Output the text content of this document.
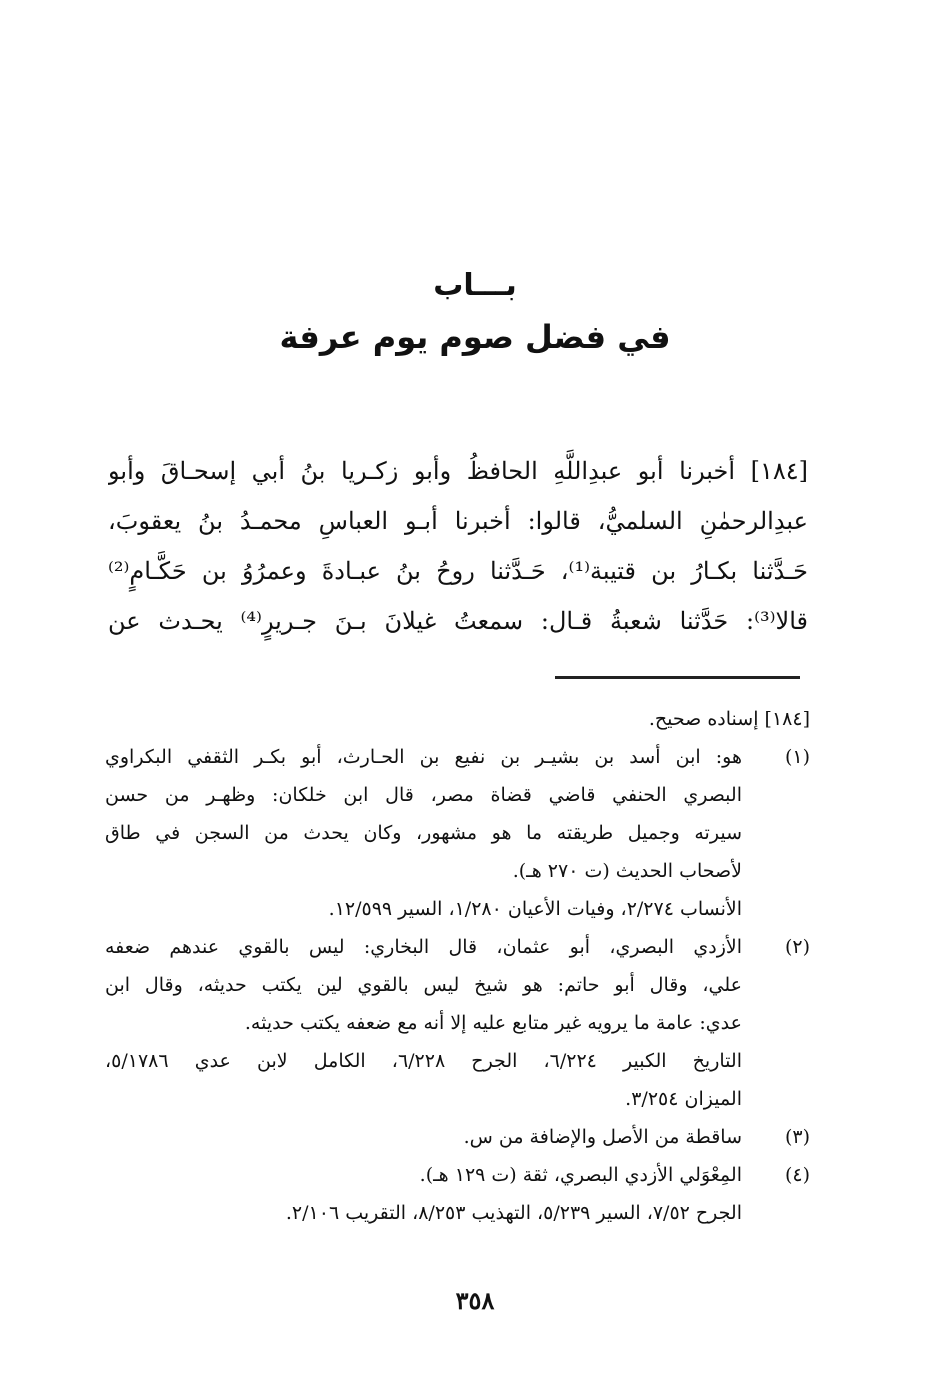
بـــاب
في فضل صوم يوم عرفة
[١٨٤] أخبرنا أبو عبدِاللَّهِ الحافظُ وأبو زكـريا بنُ أبي إسحـاقَ وأبو
عبدِالرحمٰنِ السلميُّ، قالوا: أخبرنا أبـو العباسِ محمـدُ بنُ يعقوبَ،
حَـدَّثنا بكـارُ بن قتيبة⁽¹⁾، حَـدَّثنا روحُ بنُ عبـادةَ وعمرُوُ بن حَكَّـامٍ⁽²⁾
قالا⁽³⁾: حَدَّثنا شعبةُ قـال: سمعتُ غيلانَ بـنَ جـريرٍ⁽⁴⁾ يحـدث عن
[١٨٤] إسناده صحيح.
(١)
هو: ابن أسد بن بشيـر بن نفيع بن الحـارث، أبو بكـر الثقفي البكراوي
البصري الحنفي قاضي قضاة مصر، قال ابن خلكان: وظهـر من حسن
سيرته وجميل طريقته ما هو مشهور، وكان يحدث من السجن في طاق
لأصحاب الحديث (ت ٢٧٠ هـ).
الأنساب ٢/٢٧٤، وفيات الأعيان ١/٢٨٠، السير ١٢/٥٩٩.
(٢)
الأزدي البصري، أبو عثمان، قال البخاري: ليس بالقوي عندهم ضعفه
علي، وقال أبو حاتم: هو شيخ ليس بالقوي لين يكتب حديثه، وقال ابن
عدي: عامة ما يرويه غير متابع عليه إلا أنه مع ضعفه يكتب حديثه.
التاريخ الكبير ٦/٢٢٤، الجرح ٦/٢٢٨، الكامل لابن عدي ٥/١٧٨٦،
الميزان ٣/٢٥٤.
(٣)
ساقطة من الأصل والإضافة من س.
(٤)
المِعْوَلي الأزدي البصري، ثقة (ت ١٢٩ هـ).
الجرح ٧/٥٢، السير ٥/٢٣٩، التهذيب ٨/٢٥٣، التقريب ٢/١٠٦.
٣٥٨
